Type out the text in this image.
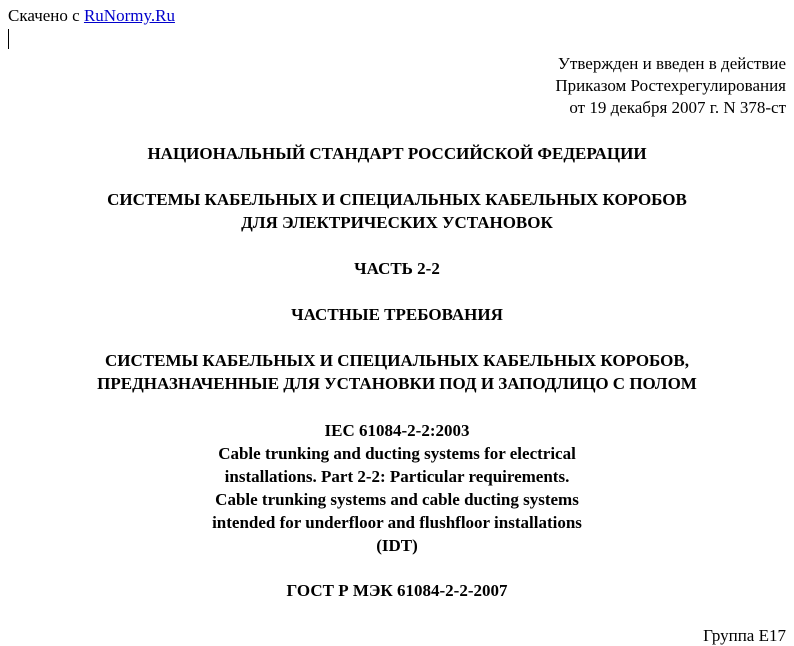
Скачено с RuNormy.Ru
Утвержден и введен в действие
Приказом Ростехрегулирования
от 19 декабря 2007 г. N 378-ст
НАЦИОНАЛЬНЫЙ СТАНДАРТ РОССИЙСКОЙ ФЕДЕРАЦИИ
СИСТЕМЫ КАБЕЛЬНЫХ И СПЕЦИАЛЬНЫХ КАБЕЛЬНЫХ КОРОБОВ
ДЛЯ ЭЛЕКТРИЧЕСКИХ УСТАНОВОК
ЧАСТЬ 2-2
ЧАСТНЫЕ ТРЕБОВАНИЯ
СИСТЕМЫ КАБЕЛЬНЫХ И СПЕЦИАЛЬНЫХ КАБЕЛЬНЫХ КОРОБОВ,
ПРЕДНАЗНАЧЕННЫЕ ДЛЯ УСТАНОВКИ ПОД И ЗАПОДЛИЦО С ПОЛОМ
IEC 61084-2-2:2003
Cable trunking and ducting systems for electrical
installations. Part 2-2: Particular requirements.
Cable trunking systems and cable ducting systems
intended for underfloor and flushfloor installations
(IDT)
ГОСТ Р МЭК 61084-2-2-2007
Группа Е17
